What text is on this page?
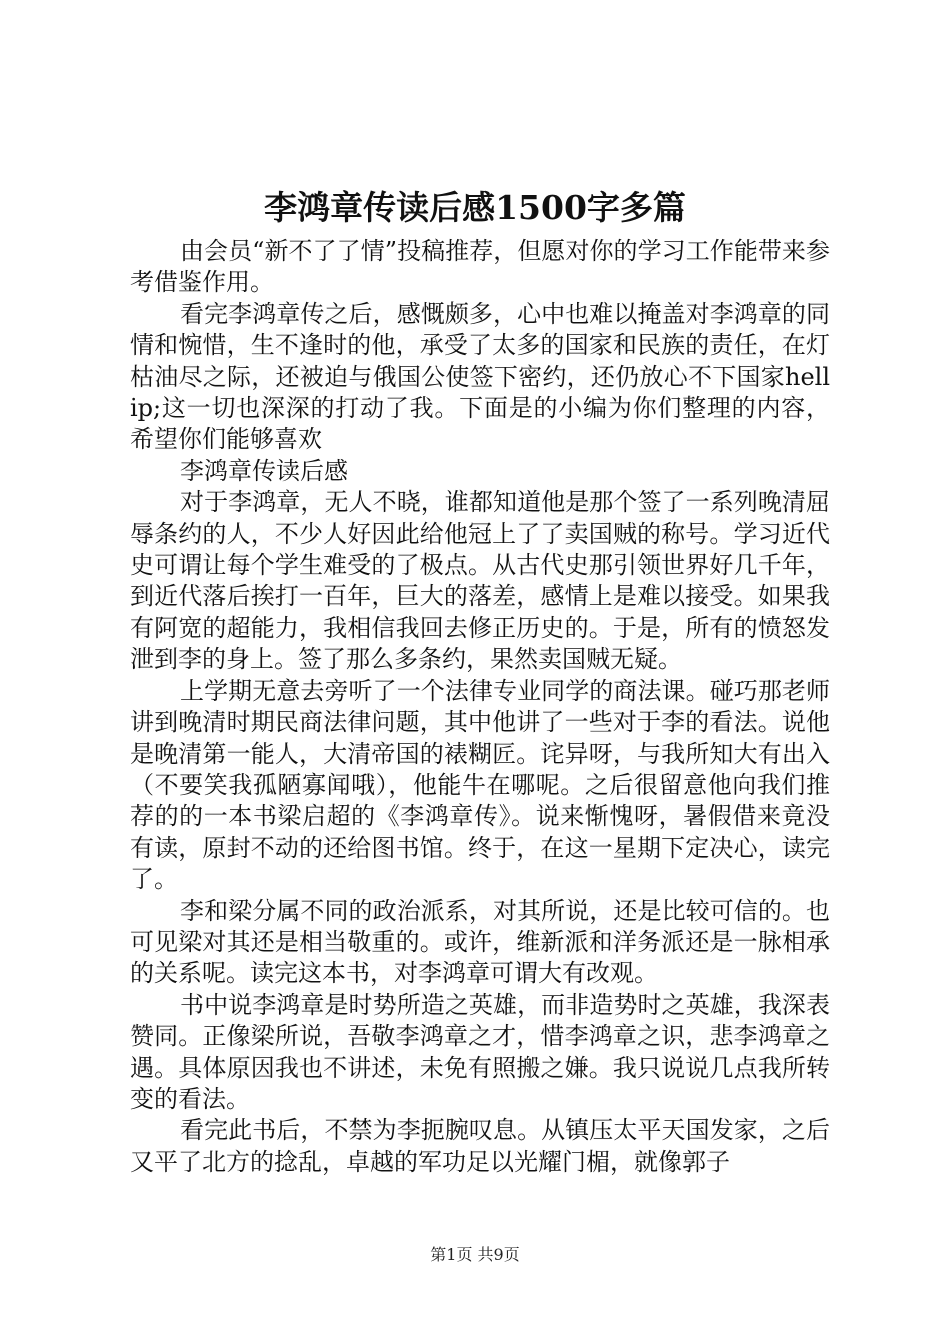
李鸿章传读后感1500字多篇

由会员“新不了了情”投稿推荐，但愿对你的学习工作能带来参考借鉴作用。

看完李鸿章传之后，感慨颇多，心中也难以掩盖对李鸿章的同情和惋惜，生不逢时的他，承受了太多的国家和民族的责任，在灯枯油尽之际，还被迫与俄国公使签下密约，还仍放心不下国家hellip;这一切也深深的打动了我。下面是的小编为你们整理的内容，希望你们能够喜欢

李鸿章传读后感

对于李鸿章，无人不晓，谁都知道他是那个签了一系列晚清屈辱条约的人，不少人好因此给他冠上了了卖国贼的称号。学习近代史可谓让每个学生难受的了极点。从古代史那引领世界好几千年，到近代落后挨打一百年，巨大的落差，感情上是难以接受。如果我有阿宽的超能力，我相信我回去修正历史的。于是，所有的愤怒发泄到李的身上。签了那么多条约，果然卖国贼无疑。

上学期无意去旁听了一个法律专业同学的商法课。碰巧那老师讲到晚清时期民商法律问题，其中他讲了一些对于李的看法。说他是晚清第一能人，大清帝国的裱糊匠。诧异呀，与我所知大有出入（不要笑我孤陋寡闻哦），他能牛在哪呢。之后很留意他向我们推荐的的一本书梁启超的《李鸿章传》。说来惭愧呀，暑假借来竟没有读，原封不动的还给图书馆。终于，在这一星期下定决心，读完了。

李和梁分属不同的政治派系，对其所说，还是比较可信的。也可见梁对其还是相当敬重的。或许，维新派和洋务派还是一脉相承的关系呢。读完这本书，对李鸿章可谓大有改观。

书中说李鸿章是时势所造之英雄，而非造势时之英雄，我深表赞同。正像梁所说，吾敬李鸿章之才，惜李鸿章之识，悲李鸿章之遇。具体原因我也不讲述，未免有照搬之嫌。我只说说几点我所转变的看法。

看完此书后，不禁为李扼腕叹息。从镇压太平天国发家，之后又平了北方的捻乱，卓越的军功足以光耀门楣，就像郭子

第1页 共9页
